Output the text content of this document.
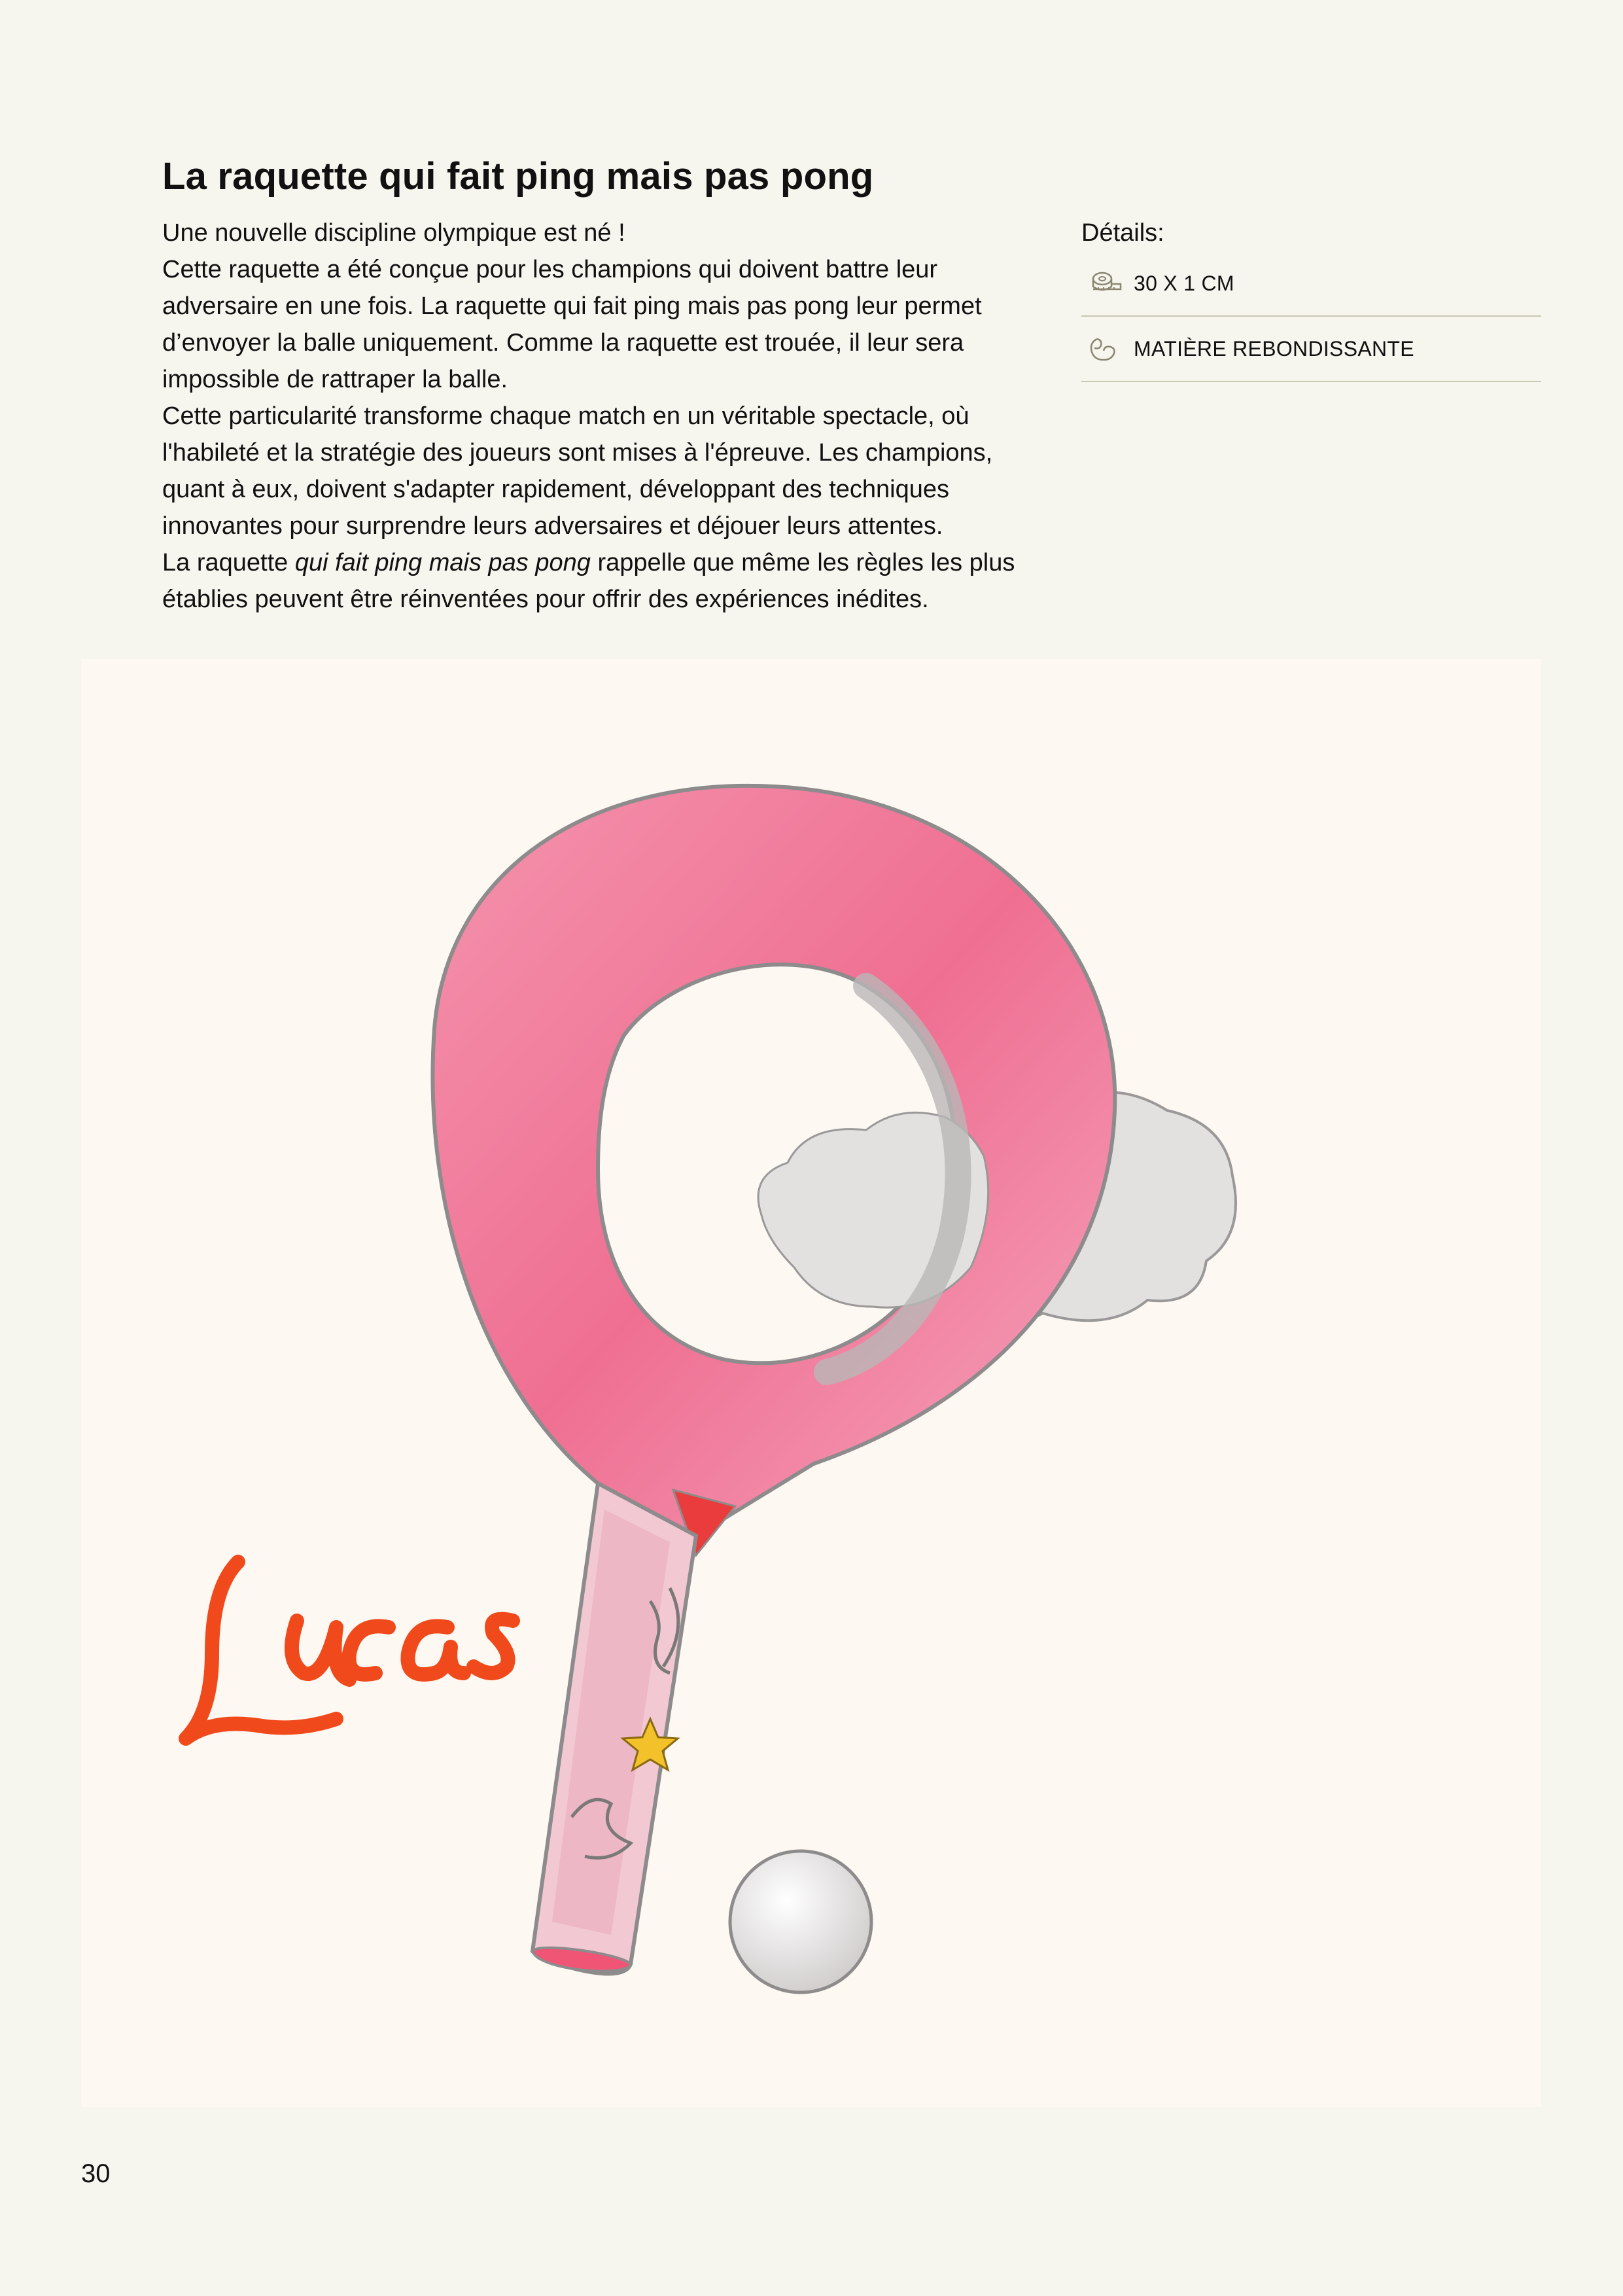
La raquette qui fait ping mais pas pong

Une nouvelle discipline olympique est né !

Cette raquette a été conçue pour les champions qui doivent battre leur adversaire en une fois. La raquette qui fait ping mais pas pong leur permet d’envoyer la balle uniquement. Comme la raquette est trouée, il leur sera impossible de rattraper la balle.

Cette particularité transforme chaque match en un véritable spectacle, où l'habileté et la stratégie des joueurs sont mises à l'épreuve. Les champions, quant à eux, doivent s'adapter rapidement, développant des techniques innovantes pour surprendre leurs adversaires et déjouer leurs attentes.

La raquette qui fait ping mais pas pong rappelle que même les règles les plus établies peuvent être réinventées pour offrir des expériences inédites.

Détails:
30 X 1 CM
MATIÈRE REBONDISSANTE
30
